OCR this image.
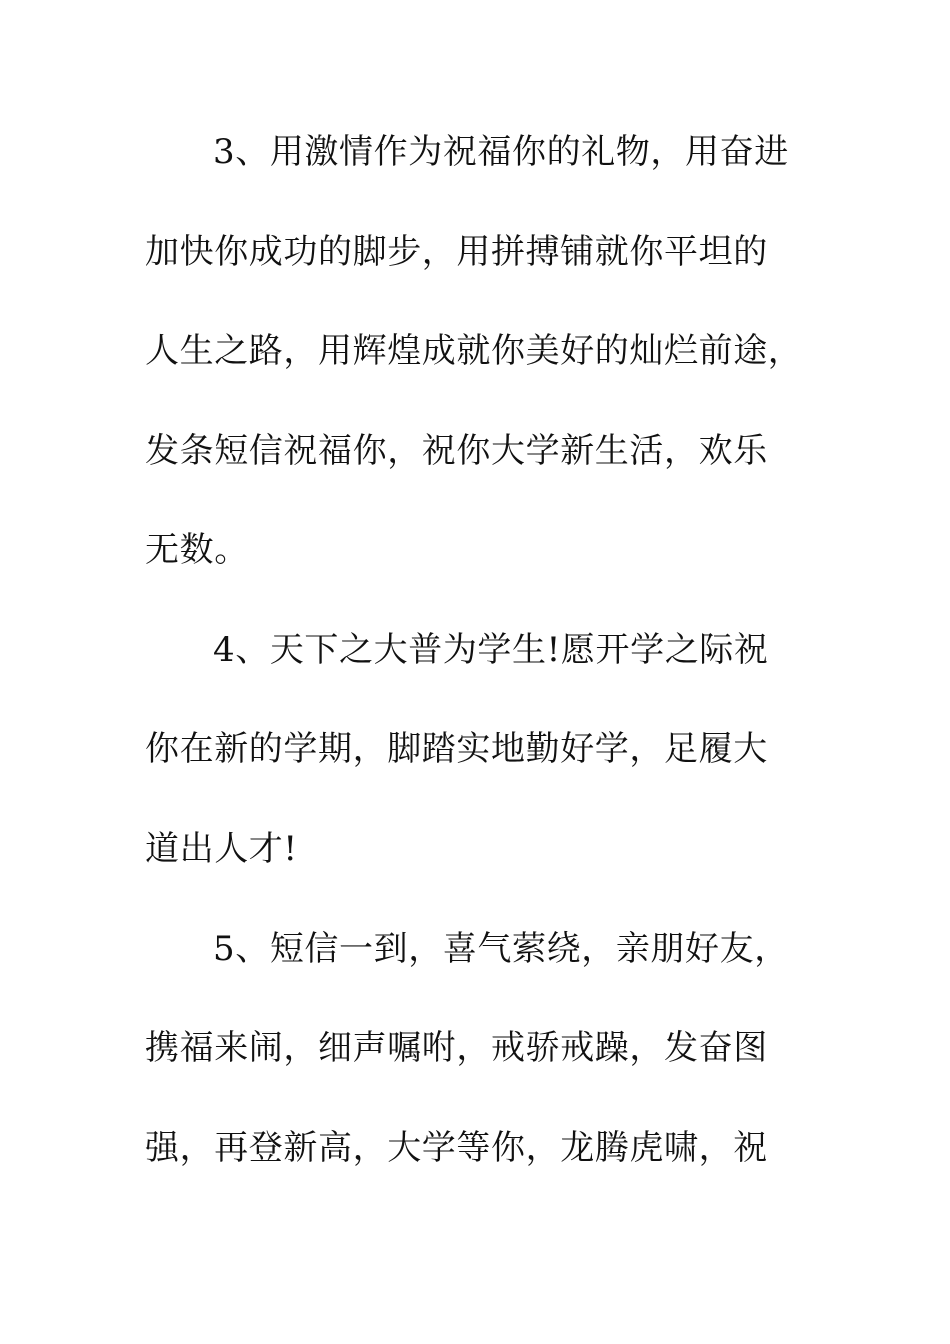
3、用激情作为祝福你的礼物，用奋进

加快你成功的脚步，用拼搏铺就你平坦的

人生之路，用辉煌成就你美好的灿烂前途，

发条短信祝福你，祝你大学新生活，欢乐

无数。

4、天下之大普为学生!愿开学之际祝

你在新的学期，脚踏实地勤好学，足履大

道出人才!

5、短信一到，喜气萦绕，亲朋好友，

携福来闹，细声嘱咐，戒骄戒躁，发奋图

强，再登新高，大学等你，龙腾虎啸，祝
